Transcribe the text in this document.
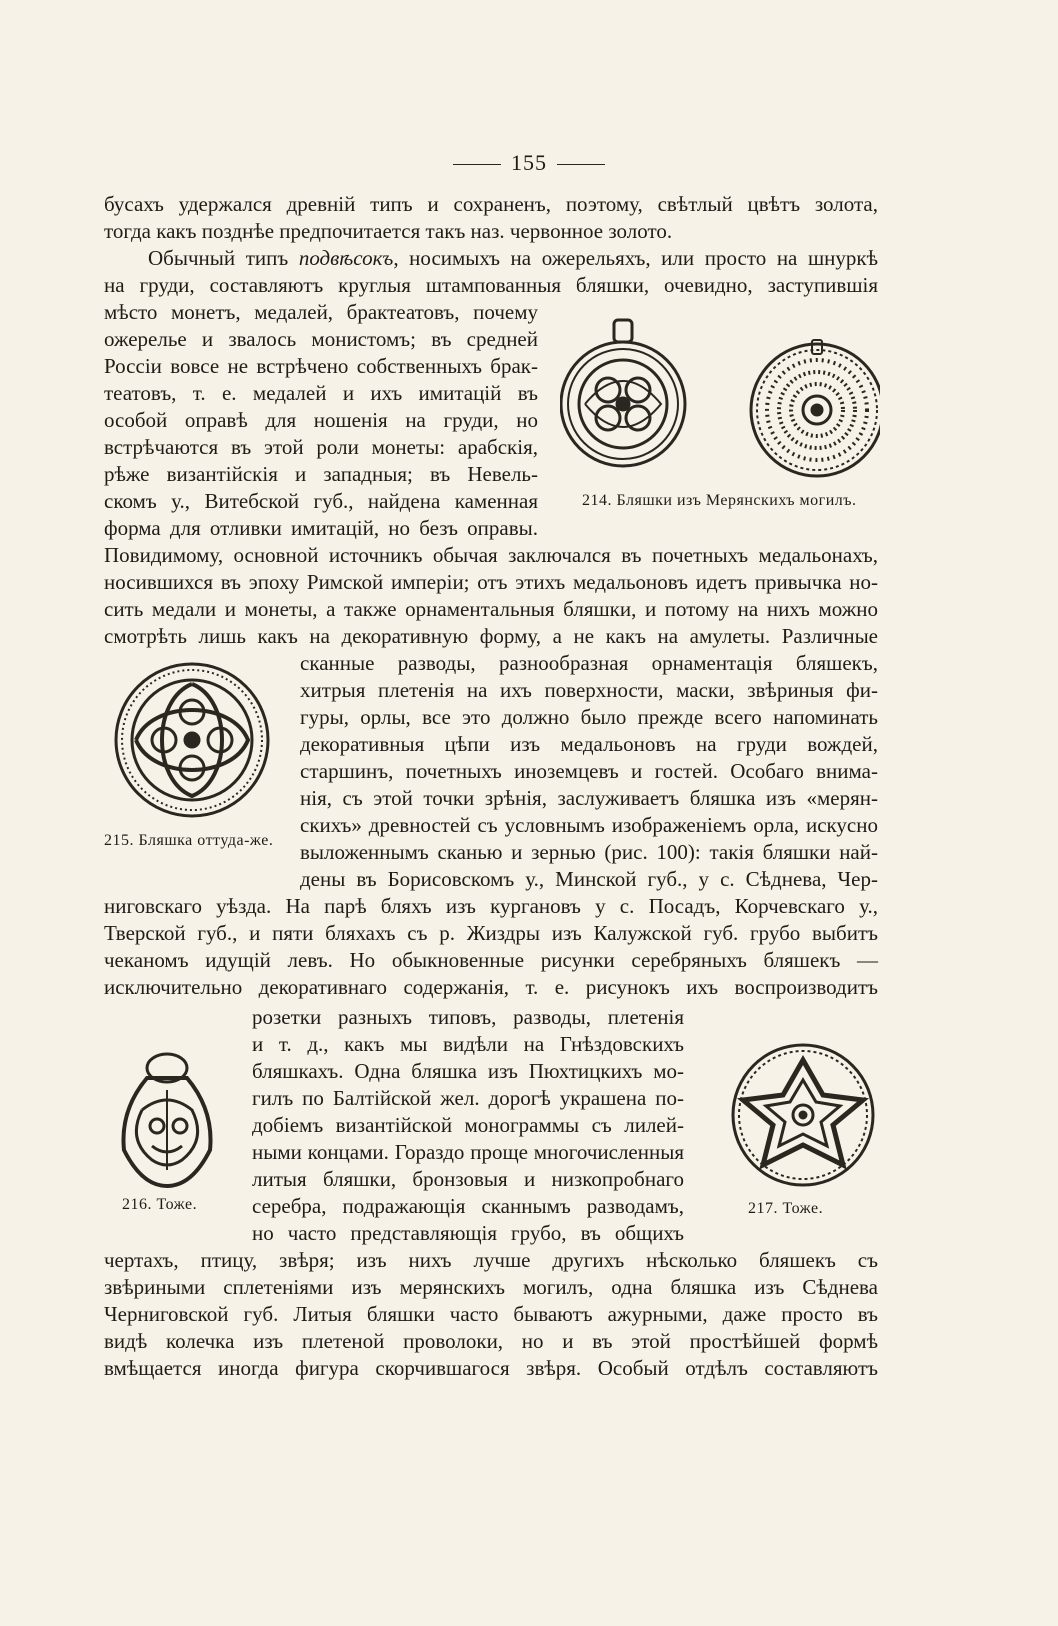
155
бусахъ удержался древній типъ и сохраненъ, поэтому, свѣтлый цвѣтъ золота,
тогда какъ позднѣе предпочитается такъ наз. червонное золото.
Обычный типъ подвѣсокъ, носимыхъ на ожерельяхъ, или просто на шнуркѣ
на груди, составляютъ круглыя штампованныя бляшки, очевидно, заступившія
мѣсто монетъ, медалей, брактеатовъ, почему
ожерелье и звалось монистомъ; въ средней
Россіи вовсе не встрѣчено собственныхъ брак-
театовъ, т. е. медалей и ихъ имитацій въ
особой оправѣ для ношенія на груди, но
встрѣчаются въ этой роли монеты: арабскія,
рѣже византійскія и западныя; въ Невель-
скомъ у., Витебской губ., найдена каменная
форма для отливки имитацій, но безъ оправы.
214. Бляшки изъ Мерянскихъ могилъ.
Повидимому, основной источникъ обычая заключался въ почетныхъ медальонахъ,
носившихся въ эпоху Римской имперіи; отъ этихъ медальоновъ идетъ привычка но-
сить медали и монеты, а также орнаментальныя бляшки, и потому на нихъ можно
смотрѣть лишь какъ на декоративную форму, а не какъ на амулеты. Различные
215. Бляшка оттуда-же.
сканные разводы, разнообразная орнаментація бляшекъ,
хитрыя плетенія на ихъ поверхности, маски, звѣриныя фи-
гуры, орлы, все это должно было прежде всего напоминать
декоративныя цѣпи изъ медальоновъ на груди вождей,
старшинъ, почетныхъ иноземцевъ и гостей. Особаго внима-
нія, съ этой точки зрѣнія, заслуживаетъ бляшка изъ «мерян-
скихъ» древностей съ условнымъ изображеніемъ орла, искусно
выложеннымъ сканью и зернью (рис. 100): такія бляшки най-
дены въ Борисовскомъ у., Минской губ., у с. Сѣднева, Чер-
ниговскаго уѣзда. На парѣ бляхъ изъ кургановъ у с. Посадъ, Корчевскаго у.,
Тверской губ., и пяти бляхахъ съ р. Жиздры изъ Калужской губ. грубо выбитъ
чеканомъ идущій левъ. Но обыкновенные рисунки серебряныхъ бляшекъ —
исключительно декоративнаго содержанія, т. е. рисунокъ ихъ воспроизводитъ
216. Тоже.
розетки разныхъ типовъ, разводы, плетенія
и т. д., какъ мы видѣли на Гнѣздовскихъ
бляшкахъ. Одна бляшка изъ Пюхтицкихъ мо-
гилъ по Балтійской жел. дорогѣ украшена по-
добіемъ византійской монограммы съ лилей-
ными концами. Гораздо проще многочисленныя
литыя бляшки, бронзовыя и низкопробнаго
серебра, подражающія сканнымъ разводамъ,
но часто представляющія грубо, въ общихъ
217. Тоже.
чертахъ, птицу, звѣря; изъ нихъ лучше другихъ нѣсколько бляшекъ съ
звѣриными сплетеніями изъ мерянскихъ могилъ, одна бляшка изъ Сѣднева
Черниговской губ. Литыя бляшки часто бываютъ ажурными, даже просто въ
видѣ колечка изъ плетеной проволоки, но и въ этой простѣйшей формѣ
вмѣщается иногда фигура скорчившагося звѣря. Особый отдѣлъ составляютъ
